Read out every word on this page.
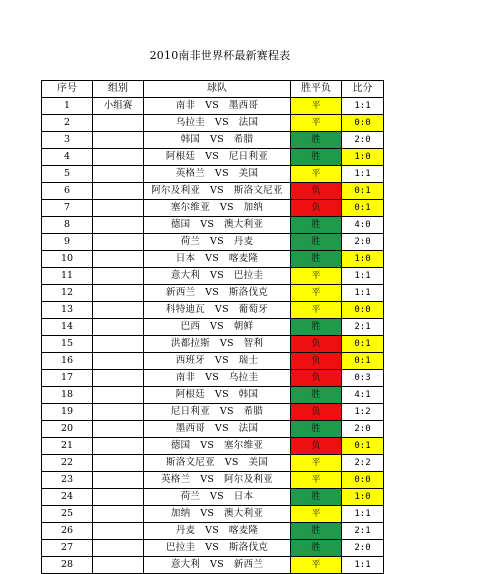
2010南非世界杯最新赛程表
序号	组别	球队	胜平负	比分
1	小组赛	南非　VS　墨西哥	平	1:1
2		乌拉圭　VS　法国	平	0:0
3		韩国　VS　希腊	胜	2:0
4		阿根廷　VS　尼日利亚	胜	1:0
5		英格兰　VS　美国	平	1:1
6		阿尔及利亚　VS　斯洛文尼亚	负	0:1
7		塞尔维亚　VS　加纳	负	0:1
8		德国　VS　澳大利亚	胜	4:0
9		荷兰　VS　丹麦	胜	2:0
10		日本　VS　喀麦隆	胜	1:0
11		意大利　VS　巴拉圭	平	1:1
12		新西兰　VS　斯洛伐克	平	1:1
13		科特迪瓦　VS　葡萄牙	平	0:0
14		巴西　VS　朝鲜	胜	2:1
15		洪都拉斯　VS　智利	负	0:1
16		西班牙　VS　瑞士	负	0:1
17		南非　VS　乌拉圭	负	0:3
18		阿根廷　VS　韩国	胜	4:1
19		尼日利亚　VS　希腊	负	1:2
20		墨西哥　VS　法国	胜	2:0
21		德国　VS　塞尔维亚	负	0:1
22		斯洛文尼亚　VS　美国	平	2:2
23		英格兰　VS　阿尔及利亚	平	0:0
24		荷兰　VS　日本	胜	1:0
25		加纳　VS　澳大利亚	平	1:1
26		丹麦　VS　喀麦隆	胜	2:1
27		巴拉圭　VS　斯洛伐克	胜	2:0
28		意大利　VS　新西兰	平	1:1
